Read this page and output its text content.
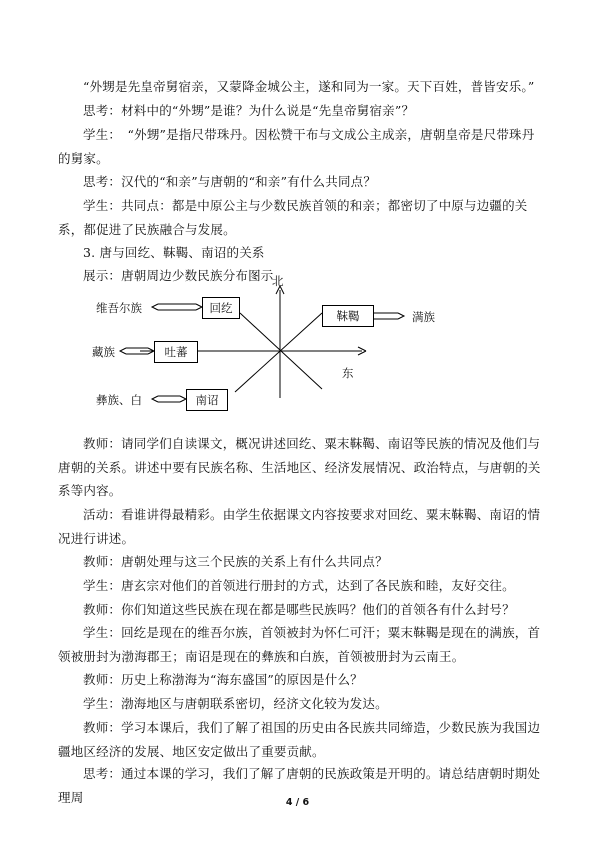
“外甥是先皇帝舅宿亲，又蒙降金城公主，遂和同为一家。天下百姓，普皆安乐。”

思考：材料中的“外甥”是谁？为什么说是“先皇帝舅宿亲”？

学生：　“外甥”是指尺带珠丹。因松赞干布与文成公主成亲，唐朝皇帝是尺带珠丹的舅家。

思考：汉代的“和亲”与唐朝的“和亲”有什么共同点？

学生：共同点：都是中原公主与少数民族首领的和亲；都密切了中原与边疆的关系，都促进了民族融合与发展。

3. 唐与回纥、靺鞨、南诏的关系

展示：唐朝周边少数民族分布图示

北
东
回纥
靺鞨
吐蕃
南诏
维吾尔族
满族
藏族
彝族、白

教师：请同学们自读课文，概况讲述回纥、粟末靺鞨、南诏等民族的情况及他们与唐朝的关系。讲述中要有民族名称、生活地区、经济发展情况、政治特点，与唐朝的关系等内容。

活动：看谁讲得最精彩。由学生依据课文内容按要求对回纥、粟末靺鞨、南诏的情况进行讲述。

教师：唐朝处理与这三个民族的关系上有什么共同点？

学生：唐玄宗对他们的首领进行册封的方式，达到了各民族和睦，友好交往。

教师：你们知道这些民族在现在都是哪些民族吗？他们的首领各有什么封号？

学生：回纥是现在的维吾尔族，首领被封为怀仁可汗；粟末靺鞨是现在的满族，首领被册封为渤海郡王；南诏是现在的彝族和白族，首领被册封为云南王。

教师：历史上称渤海为“海东盛国”的原因是什么？

学生：渤海地区与唐朝联系密切，经济文化较为发达。

教师：学习本课后，我们了解了祖国的历史由各民族共同缔造，少数民族为我国边疆地区经济的发展、地区安定做出了重要贡献。

思考：通过本课的学习，我们了解了唐朝的民族政策是开明的。请总结唐朝时期处理周	4 / 6
